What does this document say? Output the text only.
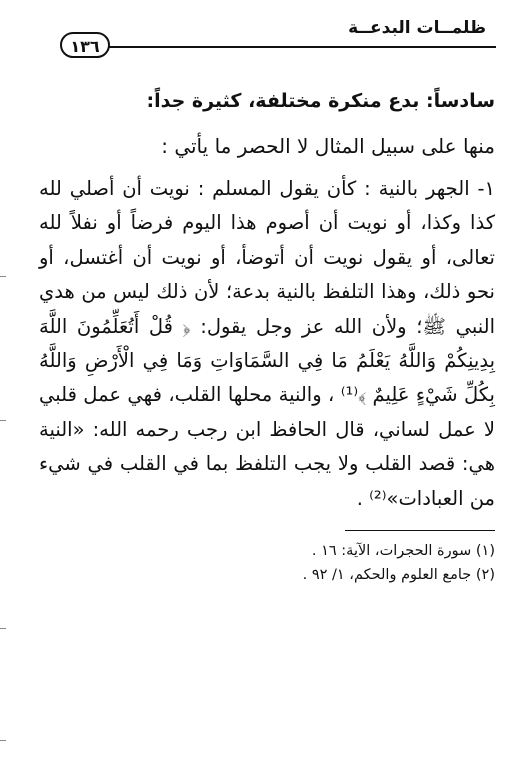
ظلمــات البدعــة
١٣٦

سادساً: بدع منكرة مختلفة، كثيرة جداً:

منها على سبيل المثال لا الحصر ما يأتي :

١- الجهر بالنية : كأن يقول المسلم : نويت أن أصلي لله كذا وكذا، أو نويت أن أصوم هذا اليوم فرضاً أو نفلاً لله تعالى، أو يقول نويت أن أتوضأ، أو نويت أن أغتسل، أو نحو ذلك، وهذا التلفظ بالنية بدعة؛ لأن ذلك ليس من هدي النبي ﷺ؛ ولأن الله عز وجل يقول: ﴿ قُلْ أَتُعَلِّمُونَ اللَّهَ بِدِينِكُمْ وَاللَّهُ يَعْلَمُ مَا فِي السَّمَاوَاتِ وَمَا فِي الْأَرْضِ وَاللَّهُ بِكُلِّ شَيْءٍ عَلِيمٌ ﴾⁽¹⁾ ، والنية محلها القلب، فهي عمل قلبي لا عمل لساني، قال الحافظ ابن رجب رحمه الله: «النية هي: قصد القلب ولا يجب التلفظ بما في القلب في شيء من العبادات»⁽²⁾ .

(١) سورة الحجرات، الآية: ١٦ .

(٢) جامع العلوم والحكم، ١/ ٩٢ .
